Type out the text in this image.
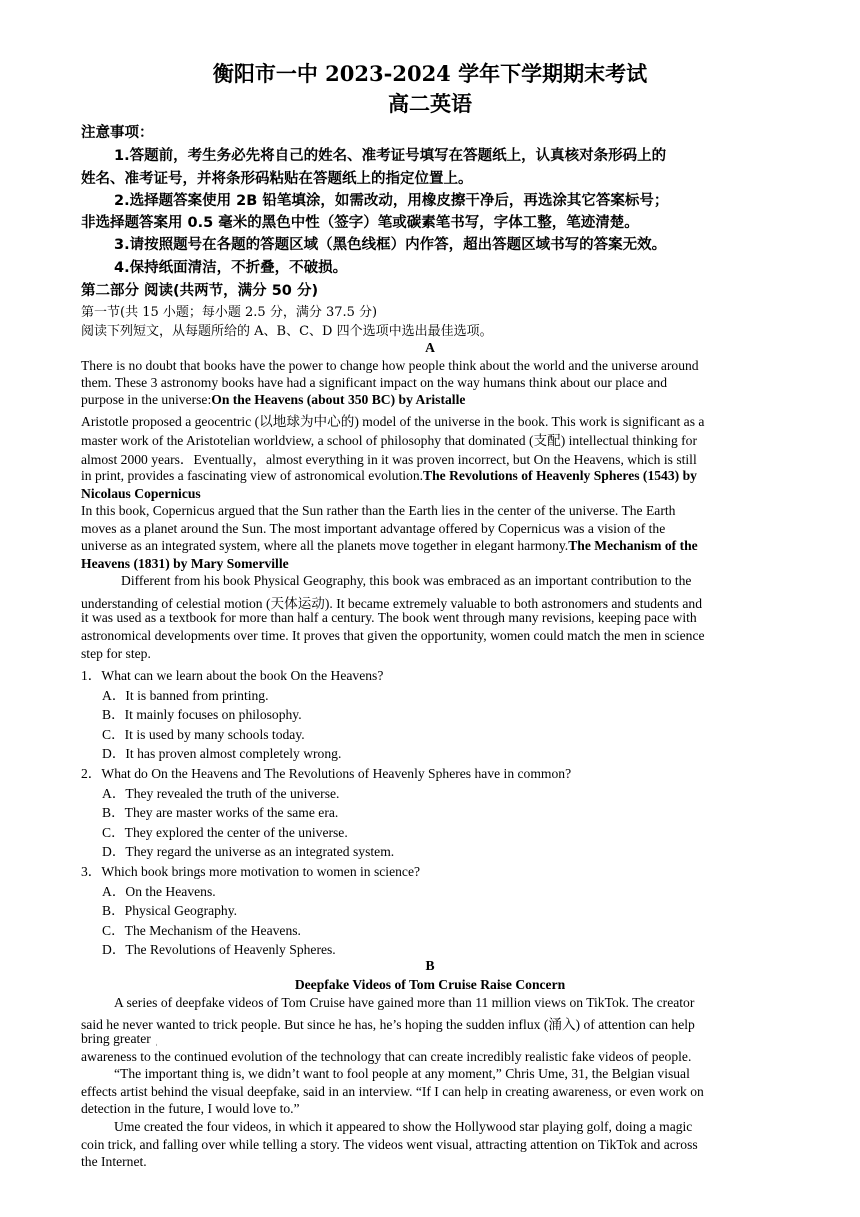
衡阳市一中 2023-2024 学年下学期期末考试
高二英语
注意事项：
1.答题前，考生务必先将自己的姓名、准考证号填写在答题纸上，认真核对条形码上的
姓名、准考证号，并将条形码粘贴在答题纸上的指定位置上。
2.选择题答案使用 2B 铅笔填涂，如需改动，用橡皮擦干净后，再选涂其它答案标号；
非选择题答案用 0.5 毫米的黑色中性（签字）笔或碳素笔书写，字体工整，笔迹清楚。
3.请按照题号在各题的答题区域（黑色线框）内作答，超出答题区域书写的答案无效。
4.保持纸面清洁，不折叠，不破损。
第二部分 阅读(共两节，满分 50 分)
第一节(共 15 小题；每小题 2.5 分，满分 37.5 分)
阅读下列短文，从每题所给的 A、B、C、D 四个选项中选出最佳选项。
A
There is no doubt that books have the power to change how people think about the world and the universe around
them. These 3 astronomy books have had a significant impact on the way humans think about our place and
purpose in the universe:On the Heavens (about 350 BC) by Aristalle
Aristotle proposed a geocentric (以地球为中心的) model of the universe in the book. This work is significant as a
master work of the Aristotelian worldview, a school of philosophy that dominated (支配) intellectual thinking for
almost 2000 years．Eventually，almost everything in it was proven incorrect, but On the Heavens, which is still
in print, provides a fascinating view of astronomical evolution.The Revolutions of Heavenly Spheres (1543) by
Nicolaus Copernicus
In this book, Copernicus argued that the Sun rather than the Earth lies in the center of the universe. The Earth
moves as a planet around the Sun. The most important advantage offered by Copernicus was a vision of the
universe as an integrated system, where all the planets move together in elegant harmony.The Mechanism of the
Heavens (1831) by Mary Somerville
Different from his book Physical Geography, this book was embraced as an important contribution to the
understanding of celestial motion (天体运动). It became extremely valuable to both astronomers and students and
it was used as a textbook for more than half a century. The book went through many revisions, keeping pace with
astronomical developments over time. It proves that given the opportunity, women could match the men in science
step for step.
1．What can we learn about the book On the Heavens?
A．It is banned from printing.
B．It mainly focuses on philosophy.
C．It is used by many schools today.
D．It has proven almost completely wrong.
2．What do On the Heavens and The Revolutions of Heavenly Spheres have in common?
A．They revealed the truth of the universe.
B．They are master works of the same era.
C．They explored the center of the universe.
D．They regard the universe as an integrated system.
3．Which book brings more motivation to women in science?
A．On the Heavens.
B．Physical Geography.
C．The Mechanism of the Heavens.
D．The Revolutions of Heavenly Spheres.
B
Deepfake Videos of Tom Cruise Raise Concern
A series of deepfake videos of Tom Cruise have gained more than 11 million views on TikTok. The creator
said he never wanted to trick people. But since he has, he’s hoping the sudden influx (涌入) of attention can help
bring greater ˌ
awareness to the continued evolution of the technology that can create incredibly realistic fake videos of people.
“The important thing is, we didn’t want to fool people at any moment,” Chris Ume, 31, the Belgian visual
effects artist behind the visual deepfake, said in an interview. “If I can help in creating awareness, or even work on
detection in the future, I would love to.”
Ume created the four videos, in which it appeared to show the Hollywood star playing golf, doing a magic
coin trick, and falling over while telling a story. The videos went visual, attracting attention on TikTok and across
the Internet.
